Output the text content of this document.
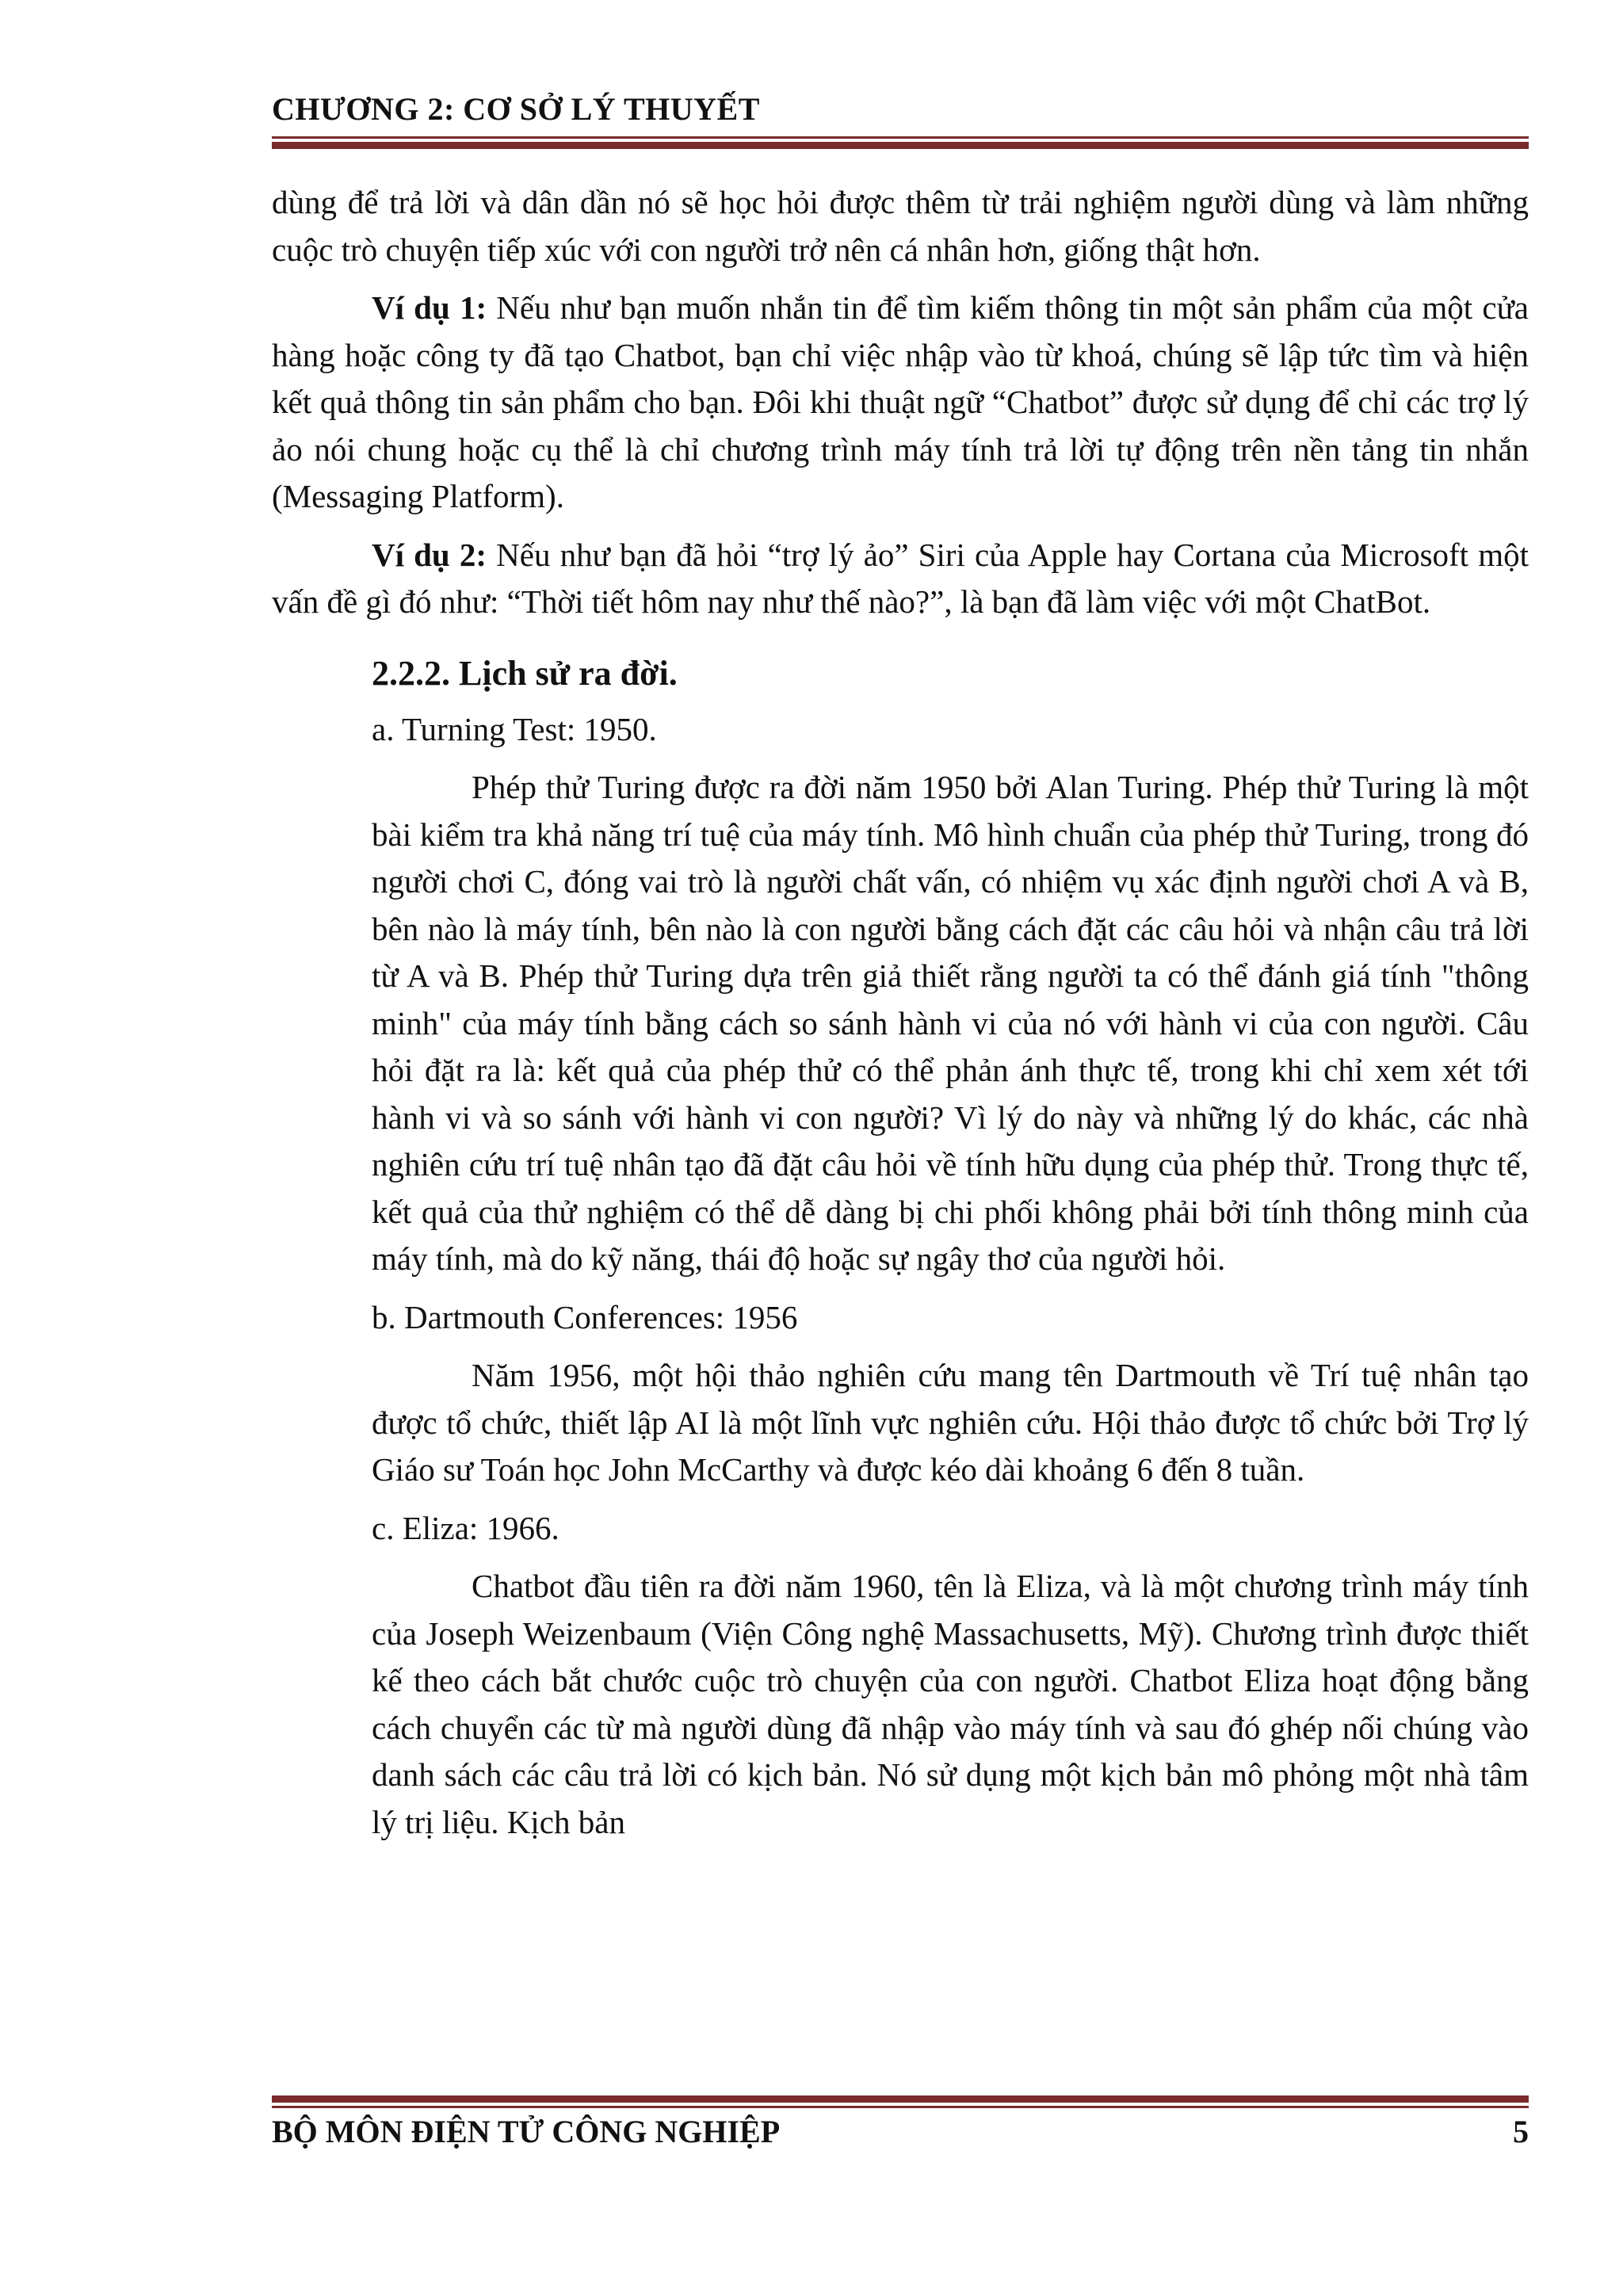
CHƯƠNG 2: CƠ SỞ LÝ THUYẾT

dùng để trả lời và dân dần nó sẽ học hỏi được thêm từ trải nghiệm người dùng và làm những cuộc trò chuyện tiếp xúc với con người trở nên cá nhân hơn, giống thật hơn.

Ví dụ 1: Nếu như bạn muốn nhắn tin để tìm kiếm thông tin một sản phẩm của một cửa hàng hoặc công ty đã tạo Chatbot, bạn chỉ việc nhập vào từ khoá, chúng sẽ lập tức tìm và hiện kết quả thông tin sản phẩm cho bạn. Đôi khi thuật ngữ “Chatbot” được sử dụng để chỉ các trợ lý ảo nói chung hoặc cụ thể là chỉ chương trình máy tính trả lời tự động trên nền tảng tin nhắn (Messaging Platform).

Ví dụ 2: Nếu như bạn đã hỏi “trợ lý ảo” Siri của Apple hay Cortana của Microsoft một vấn đề gì đó như: “Thời tiết hôm nay như thế nào?”, là bạn đã làm việc với một ChatBot.

2.2.2. Lịch sử ra đời.

a. Turning Test: 1950.

Phép thử Turing được ra đời năm 1950 bởi Alan Turing. Phép thử Turing là một bài kiểm tra khả năng trí tuệ của máy tính. Mô hình chuẩn của phép thử Turing, trong đó người chơi C, đóng vai trò là người chất vấn, có nhiệm vụ xác định người chơi A và B, bên nào là máy tính, bên nào là con người bằng cách đặt các câu hỏi và nhận câu trả lời từ A và B. Phép thử Turing dựa trên giả thiết rằng người ta có thể đánh giá tính "thông minh" của máy tính bằng cách so sánh hành vi của nó với hành vi của con người. Câu hỏi đặt ra là: kết quả của phép thử có thể phản ánh thực tế, trong khi chỉ xem xét tới hành vi và so sánh với hành vi con người? Vì lý do này và những lý do khác, các nhà nghiên cứu trí tuệ nhân tạo đã đặt câu hỏi về tính hữu dụng của phép thử. Trong thực tế, kết quả của thử nghiệm có thể dễ dàng bị chi phối không phải bởi tính thông minh của máy tính, mà do kỹ năng, thái độ hoặc sự ngây thơ của người hỏi.

b. Dartmouth Conferences: 1956

Năm 1956, một hội thảo nghiên cứu mang tên Dartmouth về Trí tuệ nhân tạo được tổ chức, thiết lập AI là một lĩnh vực nghiên cứu. Hội thảo được tổ chức bởi Trợ lý Giáo sư Toán học John McCarthy và được kéo dài khoảng 6 đến 8 tuần.

c. Eliza: 1966.

Chatbot đầu tiên ra đời năm 1960, tên là Eliza, và là một chương trình máy tính của Joseph Weizenbaum (Viện Công nghệ Massachusetts, Mỹ). Chương trình được thiết kế theo cách bắt chước cuộc trò chuyện của con người. Chatbot Eliza hoạt động bằng cách chuyển các từ mà người dùng đã nhập vào máy tính và sau đó ghép nối chúng vào danh sách các câu trả lời có kịch bản. Nó sử dụng một kịch bản mô phỏng một nhà tâm lý trị liệu. Kịch bản

BỘ MÔN ĐIỆN TỬ CÔNG NGHIỆP	5
